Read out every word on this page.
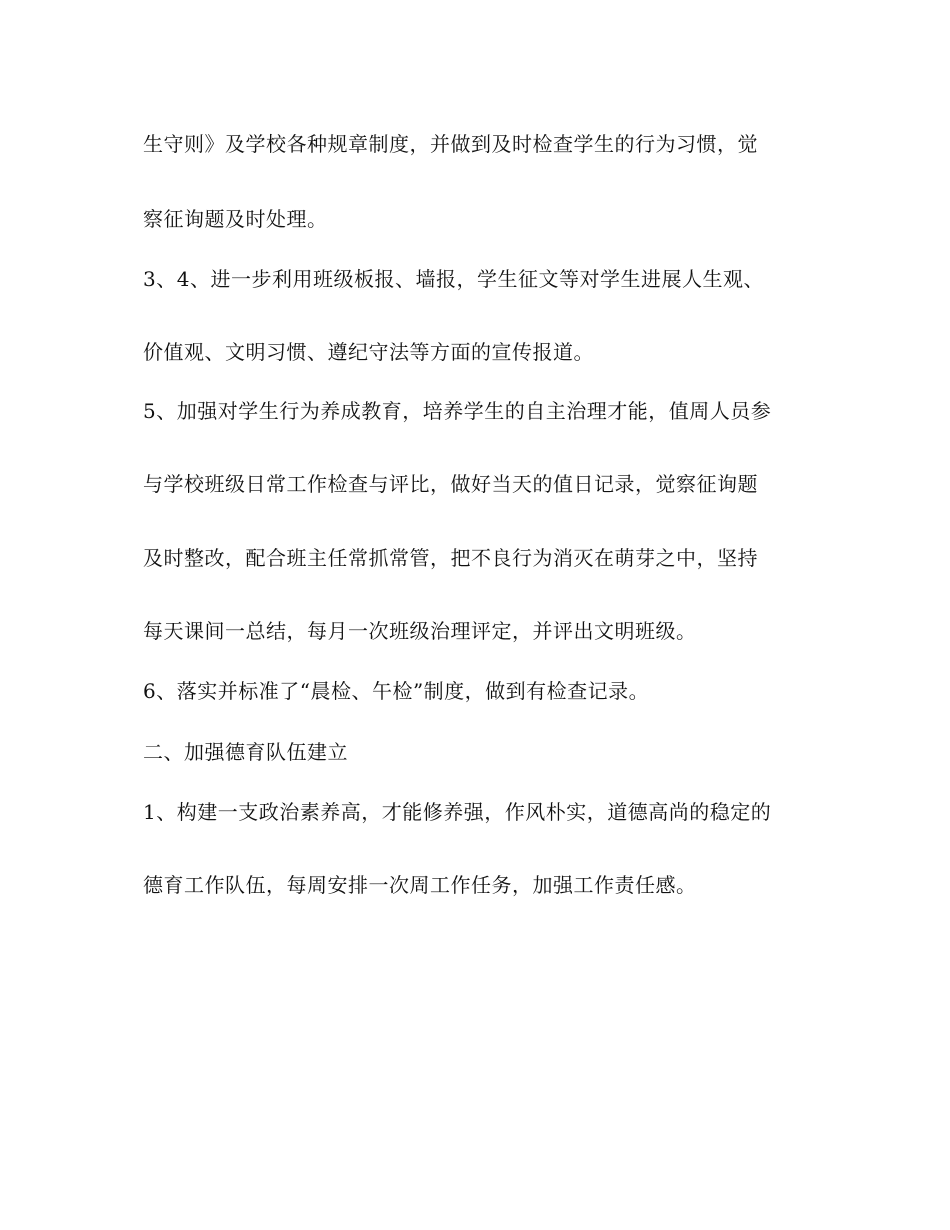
生守则》及学校各种规章制度，并做到及时检查学生的行为习惯，觉
察征询题及时处理。
3、4、进一步利用班级板报、墙报，学生征文等对学生进展人生观、
价值观、文明习惯、遵纪守法等方面的宣传报道。
5、加强对学生行为养成教育，培养学生的自主治理才能，值周人员参
与学校班级日常工作检查与评比，做好当天的值日记录，觉察征询题
及时整改，配合班主任常抓常管，把不良行为消灭在萌芽之中，坚持
每天课间一总结，每月一次班级治理评定，并评出文明班级。
6、落实并标准了“晨检、午检”制度，做到有检查记录。
二、加强德育队伍建立
1、构建一支政治素养高，才能修养强，作风朴实，道德高尚的稳定的
德育工作队伍，每周安排一次周工作任务，加强工作责任感。
